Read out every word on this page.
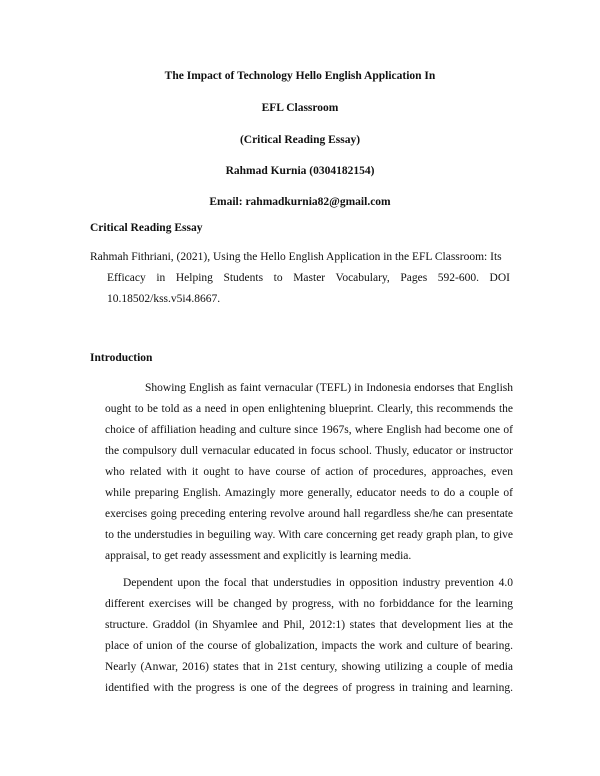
The Impact of Technology Hello English Application In
EFL Classroom
(Critical Reading Essay)
Rahmad Kurnia (0304182154)
Email: rahmadkurnia82@gmail.com
Critical Reading Essay
Rahmah Fithriani, (2021), Using the Hello English Application in the EFL Classroom: Its
Efficacy in Helping Students to Master Vocabulary, Pages 592-600. DOI
10.18502/kss.v5i4.8667.
Introduction
Showing English as faint vernacular (TEFL) in Indonesia endorses that English
ought to be told as a need in open enlightening blueprint. Clearly, this recommends the
choice of affiliation heading and culture since 1967s, where English had become one of
the compulsory dull vernacular educated in focus school. Thusly, educator or instructor
who related with it ought to have course of action of procedures, approaches, even
while preparing English. Amazingly more generally, educator needs to do a couple of
exercises going preceding entering revolve around hall regardless she/he can presentate
to the understudies in beguiling way. With care concerning get ready graph plan, to give
appraisal, to get ready assessment and explicitly is learning media.
Dependent upon the focal that understudies in opposition industry prevention 4.0
different exercises will be changed by progress, with no forbiddance for the learning
structure. Graddol (in Shyamlee and Phil, 2012:1) states that development lies at the
place of union of the course of globalization, impacts the work and culture of bearing.
Nearly (Anwar, 2016) states that in 21st century, showing utilizing a couple of media
identified with the progress is one of the degrees of progress in training and learning.
